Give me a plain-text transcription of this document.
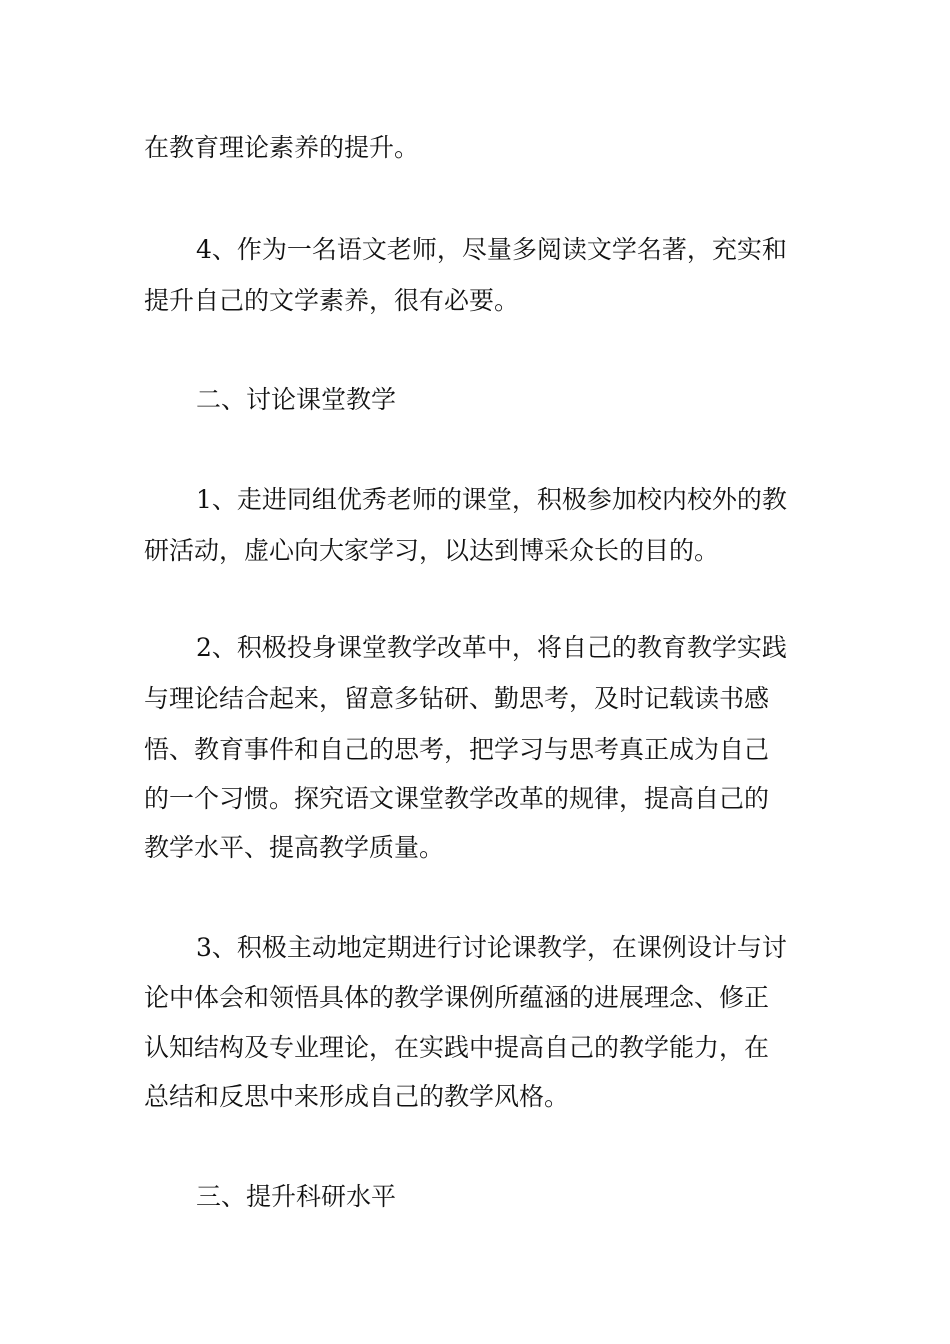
在教育理论素养的提升。

4、作为一名语文老师，尽量多阅读文学名著，充实和

提升自己的文学素养，很有必要。

二、讨论课堂教学

1、走进同组优秀老师的课堂，积极参加校内校外的教

研活动，虚心向大家学习，以达到博采众长的目的。

2、积极投身课堂教学改革中，将自己的教育教学实践

与理论结合起来，留意多钻研、勤思考，及时记载读书感

悟、教育事件和自己的思考，把学习与思考真正成为自己

的一个习惯。探究语文课堂教学改革的规律，提高自己的

教学水平、提高教学质量。

3、积极主动地定期进行讨论课教学，在课例设计与讨

论中体会和领悟具体的教学课例所蕴涵的进展理念、修正

认知结构及专业理论，在实践中提高自己的教学能力，在

总结和反思中来形成自己的教学风格。

三、提升科研水平
